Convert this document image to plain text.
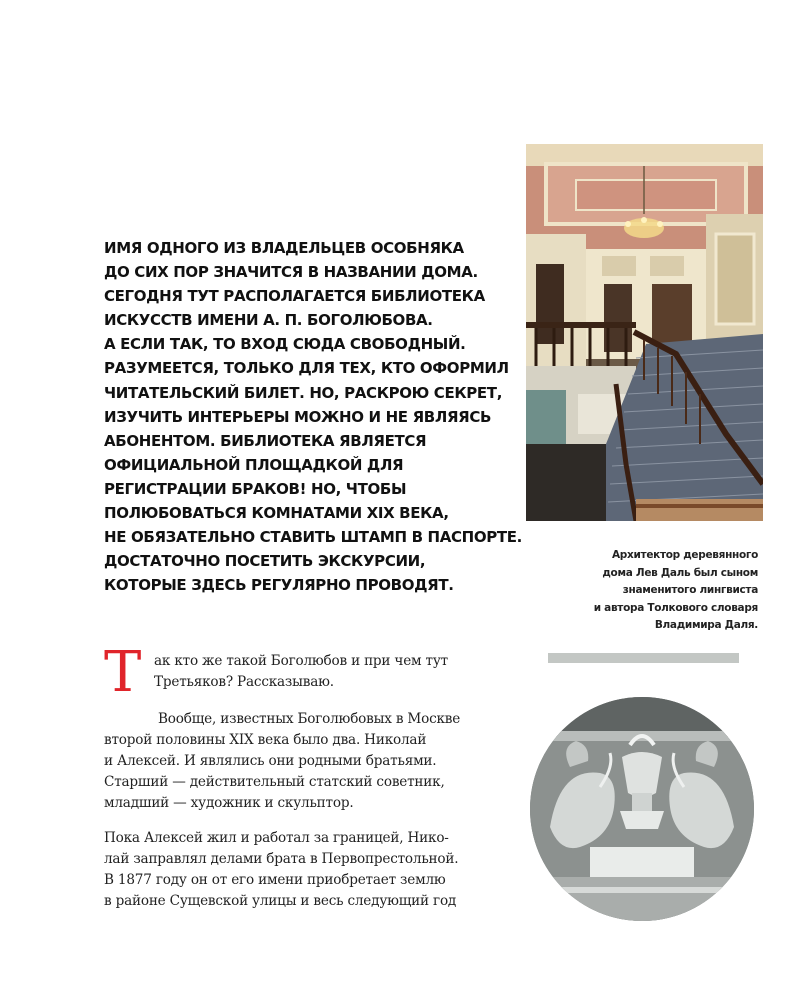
ИМЯ ОДНОГО ИЗ ВЛАДЕЛЬЦЕВ ОСОБНЯКА
ДО СИХ ПОР ЗНАЧИТСЯ В НАЗВАНИИ ДОМА.
СЕГОДНЯ ТУТ РАСПОЛАГАЕТСЯ БИБЛИОТЕКА
ИСКУССТВ ИМЕНИ А. П. БОГОЛЮБОВА.
А ЕСЛИ ТАК, ТО ВХОД СЮДА СВОБОДНЫЙ.
РАЗУМЕЕТСЯ, ТОЛЬКО ДЛЯ ТЕХ, КТО ОФОРМИЛ
ЧИТАТЕЛЬСКИЙ БИЛЕТ. НО, РАСКРОЮ СЕКРЕТ,
ИЗУЧИТЬ ИНТЕРЬЕРЫ МОЖНО И НЕ ЯВЛЯЯСЬ
АБОНЕНТОМ. БИБЛИОТЕКА ЯВЛЯЕТСЯ
ОФИЦИАЛЬНОЙ ПЛОЩАДКОЙ ДЛЯ
РЕГИСТРАЦИИ БРАКОВ! НО, ЧТОБЫ
ПОЛЮБОВАТЬСЯ КОМНАТАМИ XIX ВЕКА,
НЕ ОБЯЗАТЕЛЬНО СТАВИТЬ ШТАМП В ПАСПОРТЕ.
ДОСТАТОЧНО ПОСЕТИТЬ ЭКСКУРСИИ,
КОТОРЫЕ ЗДЕСЬ РЕГУЛЯРНО ПРОВОДЯТ.
Архитектор деревянного
дома Лев Даль был сыном
знаменитого лингвиста
и автора Толкового словаря
Владимира Даля.
Т ак кто же такой Боголюбов и при чем тут
Третьяков? Рассказываю.
Вообще, известных Боголюбовых в Москве
второй половины XIX века было два. Николай
и Алексей. И являлись они родными братьями.
Старший — действительный статский советник,
младший — художник и скульптор.
Пока Алексей жил и работал за границей, Нико-
лай заправлял делами брата в Первопрестольной.
В 1877 году он от его имени приобретает землю
в районе Сущевской улицы и весь следующий год
